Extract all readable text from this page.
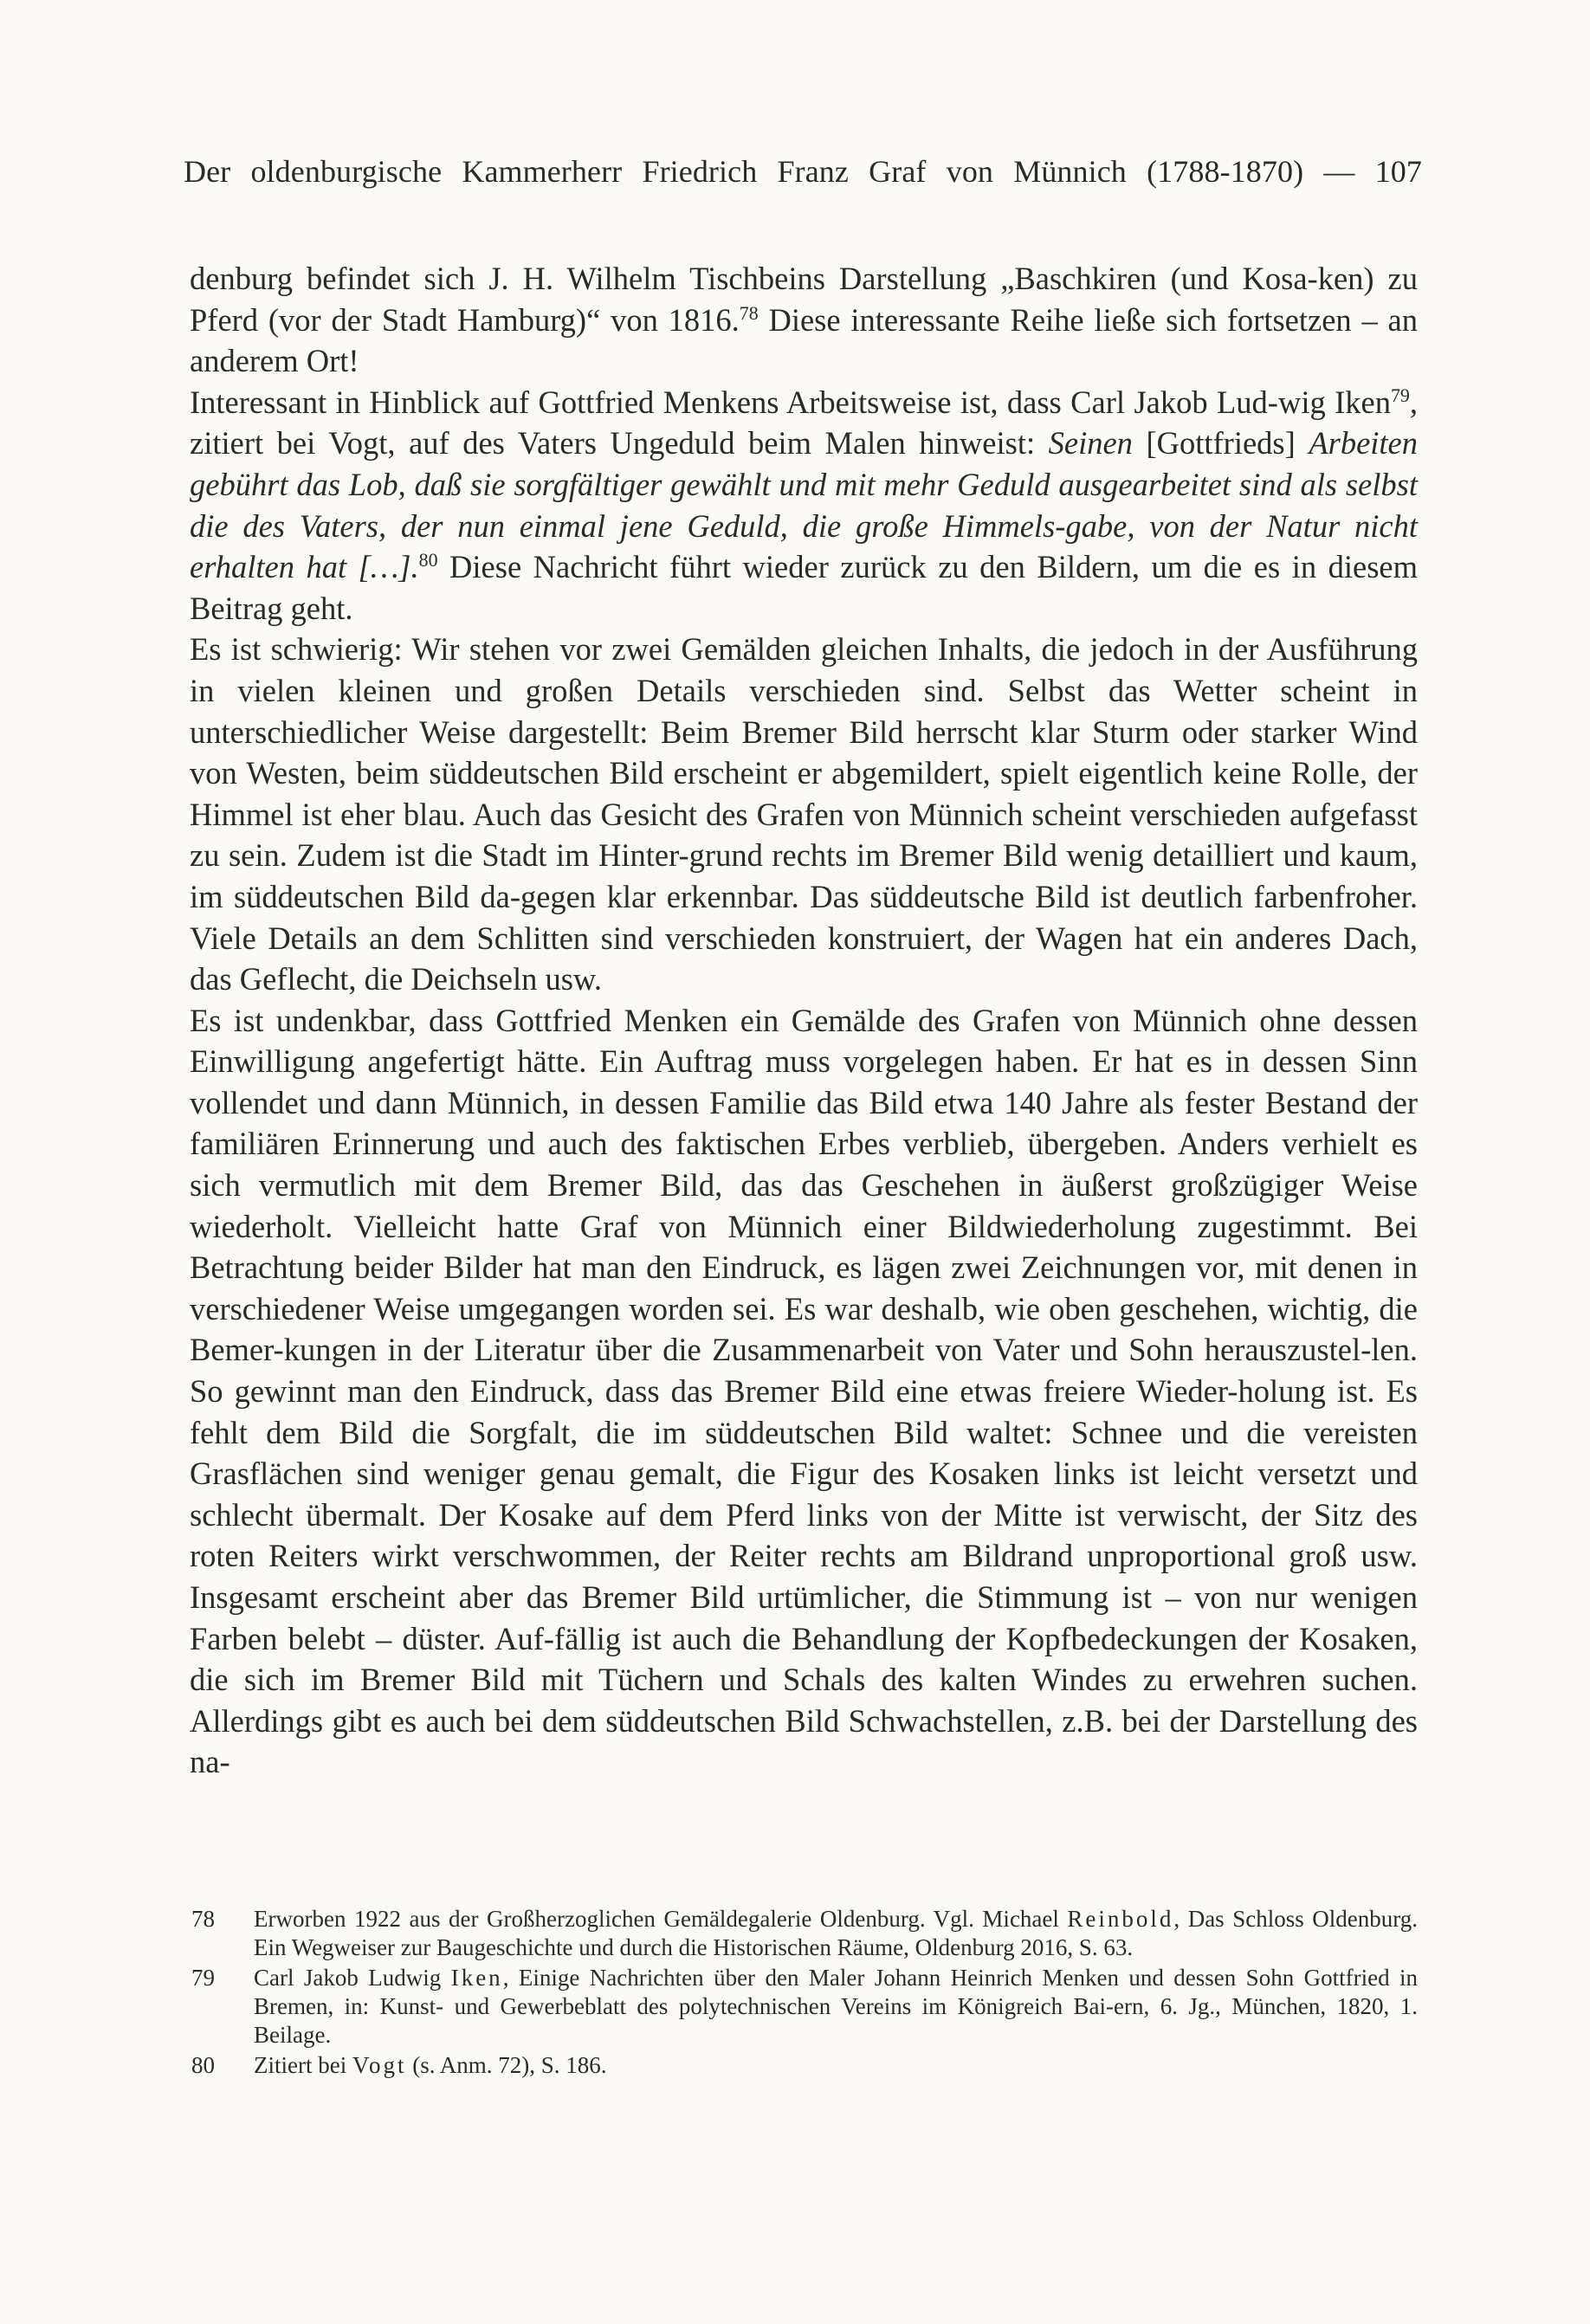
Der oldenburgische Kammerherr Friedrich Franz Graf von Münnich (1788-1870) — 107

denburg befindet sich J. H. Wilhelm Tischbeins Darstellung „Baschkiren (und Kosa-ken) zu Pferd (vor der Stadt Hamburg)“ von 1816.78 Diese interessante Reihe ließe sich fortsetzen – an anderem Ort!

Interessant in Hinblick auf Gottfried Menkens Arbeitsweise ist, dass Carl Jakob Lud-wig Iken$^{79}$, zitiert bei Vogt, auf des Vaters Ungeduld beim Malen hinweist: Seinen [Gottfrieds] Arbeiten gebührt das Lob, daß sie sorgfältiger gewählt und mit mehr Geduld ausgearbeitet sind als selbst die des Vaters, der nun einmal jene Geduld, die große Himmels-gabe, von der Natur nicht erhalten hat […].$^{80}$ Diese Nachricht führt wieder zurück zu den Bildern, um die es in diesem Beitrag geht.

Es ist schwierig: Wir stehen vor zwei Gemälden gleichen Inhalts, die jedoch in der Ausführung in vielen kleinen und großen Details verschieden sind. Selbst das Wetter scheint in unterschiedlicher Weise dargestellt: Beim Bremer Bild herrscht klar Sturm oder starker Wind von Westen, beim süddeutschen Bild erscheint er abgemildert, spielt eigentlich keine Rolle, der Himmel ist eher blau. Auch das Gesicht des Grafen von Münnich scheint verschieden aufgefasst zu sein. Zudem ist die Stadt im Hinter-grund rechts im Bremer Bild wenig detailliert und kaum, im süddeutschen Bild da-gegen klar erkennbar. Das süddeutsche Bild ist deutlich farbenfroher. Viele Details an dem Schlitten sind verschieden konstruiert, der Wagen hat ein anderes Dach, das Geflecht, die Deichseln usw.

Es ist undenkbar, dass Gottfried Menken ein Gemälde des Grafen von Münnich ohne dessen Einwilligung angefertigt hätte. Ein Auftrag muss vorgelegen haben. Er hat es in dessen Sinn vollendet und dann Münnich, in dessen Familie das Bild etwa 140 Jahre als fester Bestand der familiären Erinnerung und auch des faktischen Erbes verblieb, übergeben. Anders verhielt es sich vermutlich mit dem Bremer Bild, das das Geschehen in äußerst großzügiger Weise wiederholt. Vielleicht hatte Graf von Münnich einer Bildwiederholung zugestimmt. Bei Betrachtung beider Bilder hat man den Eindruck, es lägen zwei Zeichnungen vor, mit denen in verschiedener Weise umgegangen worden sei. Es war deshalb, wie oben geschehen, wichtig, die Bemer-kungen in der Literatur über die Zusammenarbeit von Vater und Sohn herauszustel-len. So gewinnt man den Eindruck, dass das Bremer Bild eine etwas freiere Wieder-holung ist. Es fehlt dem Bild die Sorgfalt, die im süddeutschen Bild waltet: Schnee und die vereisten Grasflächen sind weniger genau gemalt, die Figur des Kosaken links ist leicht versetzt und schlecht übermalt. Der Kosake auf dem Pferd links von der Mitte ist verwischt, der Sitz des roten Reiters wirkt verschwommen, der Reiter rechts am Bildrand unproportional groß usw. Insgesamt erscheint aber das Bremer Bild urtümlicher, die Stimmung ist – von nur wenigen Farben belebt – düster. Auf-fällig ist auch die Behandlung der Kopfbedeckungen der Kosaken, die sich im Bremer Bild mit Tüchern und Schals des kalten Windes zu erwehren suchen. Allerdings gibt es auch bei dem süddeutschen Bild Schwachstellen, z.B. bei der Darstellung des na-

78	Erworben 1922 aus der Großherzoglichen Gemäldegalerie Oldenburg. Vgl. Michael Reinbold, Das Schloss Oldenburg. Ein Wegweiser zur Baugeschichte und durch die Historischen Räume, Oldenburg 2016, S. 63.
79	Carl Jakob Ludwig Iken, Einige Nachrichten über den Maler Johann Heinrich Menken und dessen Sohn Gottfried in Bremen, in: Kunst- und Gewerbeblatt des polytechnischen Vereins im Königreich Bai-ern, 6. Jg., München, 1820, 1. Beilage.
80	Zitiert bei Vogt (s. Anm. 72), S. 186.
